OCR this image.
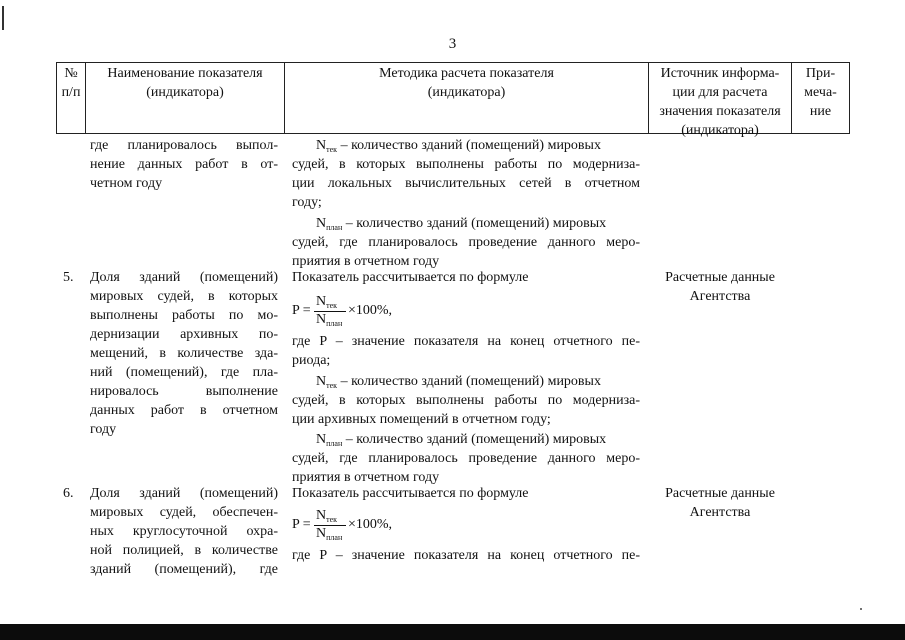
3
№
п/п
Наименование показателя
(индикатора)
Методика расчета показателя
(индикатора)
Источник информа-
ции для расчета
значения показателя
(индикатора)
При-
меча-
ние
где планировалось выпол-
нение данных работ в от-
четном году
$N_{тек}$ – количество зданий (помещений) мировых
судей, в которых выполнены работы по модерниза-
ции локальных вычислительных сетей в отчетном
году;
$N_{план}$ – количество зданий (помещений) мировых
судей, где планировалось проведение данного меро-
приятия в отчетном году
5. Доля зданий (помещений)
мировых судей, в которых
выполнены работы по мо-
дернизации архивных по-
мещений, в количестве зда-
ний (помещений), где пла-
нировалось выполнение
данных работ в отчетном
году
Показатель рассчитывается по формуле
P =
$N_{тек}$
$N_{план}$
×100%,
где P – значение показателя на конец отчетного пе-
риода;
$N_{тек}$ – количество зданий (помещений) мировых
судей, в которых выполнены работы по модерниза-
ции архивных помещений в отчетном году;
$N_{план}$ – количество зданий (помещений) мировых
судей, где планировалось проведение данного меро-
приятия в отчетном году
Расчетные данные
Агентства
6. Доля зданий (помещений)
мировых судей, обеспечен-
ных круглосуточной охра-
ной полицией, в количестве
зданий (помещений), где
Показатель рассчитывается по формуле
P =
$N_{тек}$
$N_{план}$
×100%,
где P – значение показателя на конец отчетного пе-
Расчетные данные
Агентства
